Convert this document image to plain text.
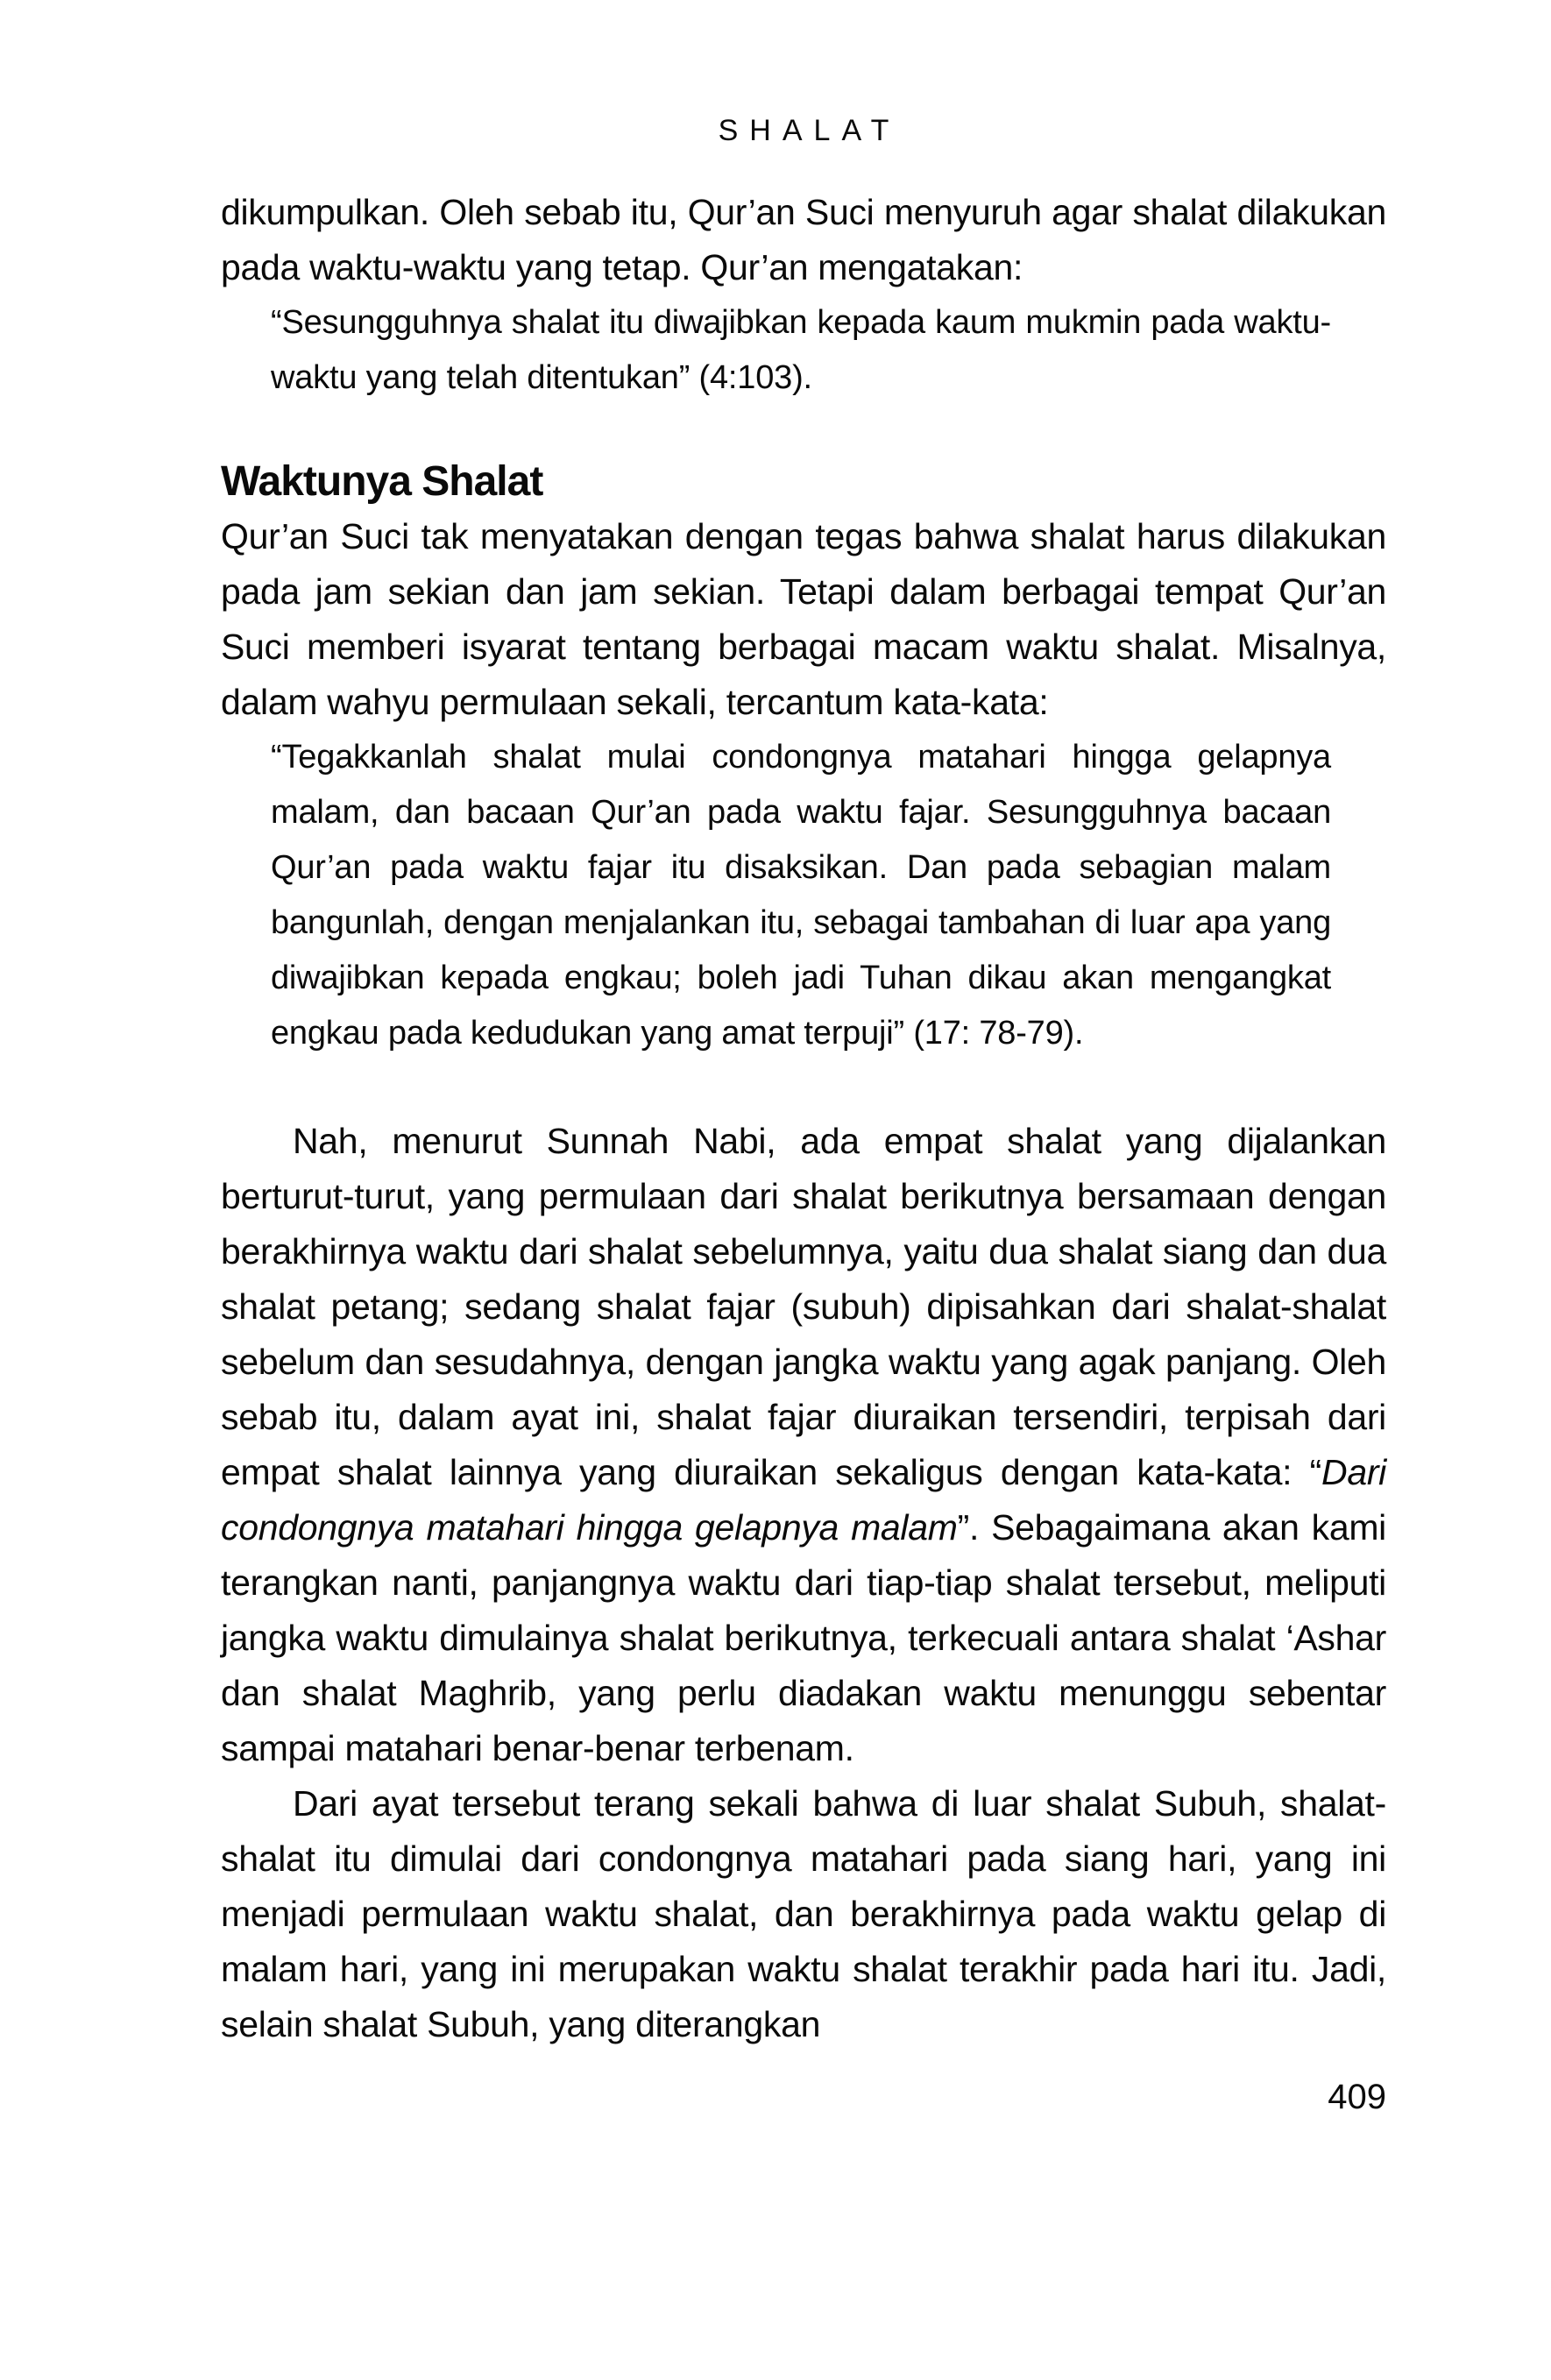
SHALAT

dikumpulkan. Oleh sebab itu, Qur’an Suci menyuruh agar shalat dilakukan pada waktu-waktu yang tetap. Qur’an mengatakan:

“Sesungguhnya shalat itu diwajibkan kepada kaum mukmin pada waktu-waktu yang telah ditentukan” (4:103).
Waktunya Shalat

Qur’an Suci tak menyatakan dengan tegas bahwa shalat harus dilakukan pada jam sekian dan jam sekian. Tetapi dalam berbagai tempat Qur’an Suci memberi isyarat tentang berbagai macam waktu shalat. Misalnya, dalam wahyu permulaan sekali, tercantum kata-kata:

“Tegakkanlah shalat mulai condongnya matahari hingga gelapnya malam, dan bacaan Qur’an pada waktu fajar. Sesungguhnya bacaan Qur’an pada waktu fajar itu disaksikan. Dan pada sebagian malam bangunlah, dengan menjalankan itu, sebagai tambahan di luar apa yang diwajibkan kepada engkau; boleh jadi Tuhan dikau akan mengangkat engkau pada kedudukan yang amat terpuji” (17: 78-79).

Nah, menurut Sunnah Nabi, ada empat shalat yang dijalankan berturut-turut, yang permulaan dari shalat berikutnya bersamaan dengan berakhirnya waktu dari shalat sebelumnya, yaitu dua shalat siang dan dua shalat petang; sedang shalat fajar (subuh) dipisahkan dari shalat-shalat sebelum dan sesudahnya, dengan jangka waktu yang agak panjang. Oleh sebab itu, dalam ayat ini, shalat fajar diuraikan tersendiri, terpisah dari empat shalat lainnya yang diuraikan sekaligus dengan kata-kata: “Dari condongnya matahari hingga gelapnya malam”. Sebagaimana akan kami terangkan nanti, panjangnya waktu dari tiap-tiap shalat tersebut, meliputi jangka waktu dimulainya shalat berikutnya, terkecuali antara shalat ‘Ashar dan shalat Maghrib, yang perlu diadakan waktu menunggu sebentar sampai matahari benar-benar terbenam.

Dari ayat tersebut terang sekali bahwa di luar shalat Subuh, shalat-shalat itu dimulai dari condongnya matahari pada siang hari, yang ini menjadi permulaan waktu shalat, dan berakhirnya pada waktu gelap di malam hari, yang ini merupakan waktu shalat terakhir pada hari itu. Jadi, selain shalat Subuh, yang diterangkan

409
